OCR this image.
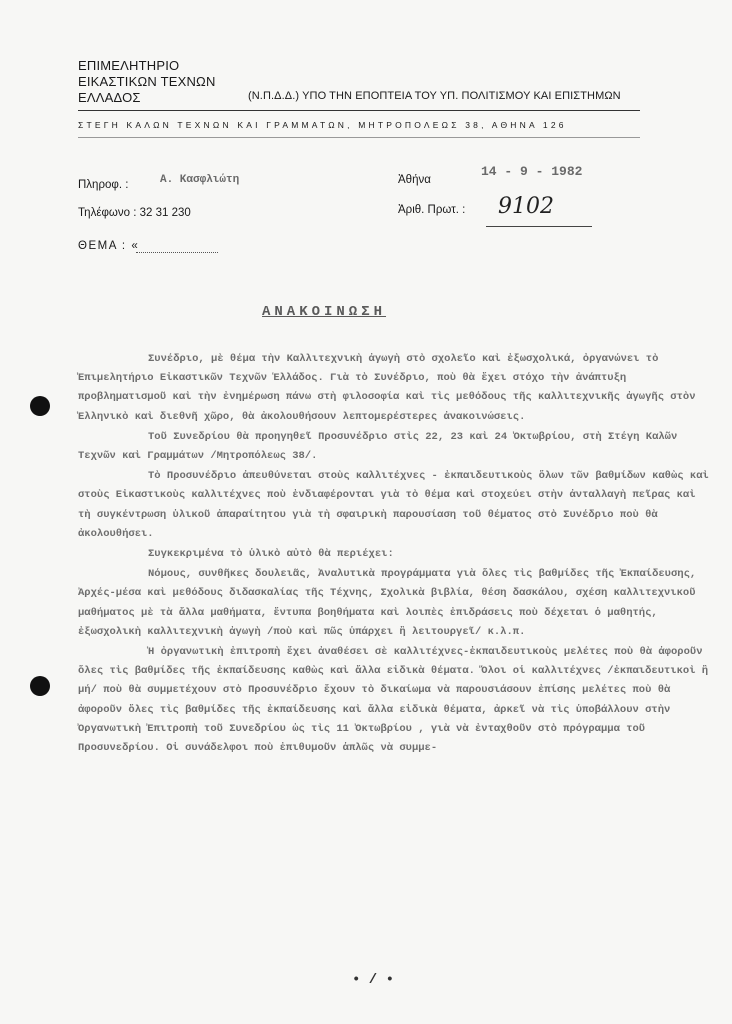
ΕΠΙΜΕΛΗΤΗΡΙΟ
ΕΙΚΑΣΤΙΚΩΝ ΤΕΧΝΩΝ
ΕΛΛΑΔΟΣ	(Ν.Π.Δ.Δ.) ΥΠΟ ΤΗΝ ΕΠΟΠΤΕΙΑ ΤΟΥ ΥΠ. ΠΟΛΙΤΙΣΜΟΥ ΚΑΙ ΕΠΙΣΤΗΜΩΝ
ΣΤΕΓΗ ΚΑΛΩΝ ΤΕΧΝΩΝ ΚΑΙ ΓΡΑΜΜΑΤΩΝ, ΜΗΤΡΟΠΟΛΕΩΣ 38, ΑΘΗΝΑ 126
Πληροφ. :	Α. Κασφλιώτη
Τηλέφωνο : 32 31 230
ΘΕΜΑ : «
Ἀθήνα
14 - 9 - 1982
Ἀριθ. Πρωτ. : 9102
ΑΝΑΚΟΙΝΩΣΗ

Συνέδριο, μὲ θέμα τὴν Καλλιτεχνικὴ ἀγωγὴ στὸ σχολεῖο καὶ ἐξωσχολικά, ὀργανώνει τὸ Ἐπιμελητήριο Εἰκαστικῶν Τεχνῶν Ἑλλάδος. Γιὰ τὸ Συνέδριο, ποὺ θὰ ἔχει στόχο τὴν ἀνάπτυξη προβληματισμοῦ καὶ τὴν ἐνημέρωση πάνω στὴ φιλοσοφία καὶ τὶς μεθόδους τῆς καλλιτεχνικῆς ἀγωγῆς στὸν Ἑλληνικὸ καὶ διεθνῆ χῶρο, θὰ ἀκολουθήσουν λεπτομερέστερες ἀνακοινώσεις.

Τοῦ Συνεδρίου θὰ προηγηθεῖ Προσυνέδριο στὶς 22, 23 καὶ 24 Ὀκτωβρίου, στὴ Στέγη Καλῶν Τεχνῶν καὶ Γραμμάτων /Μητροπόλεως 38/.

Τὸ Προσυνέδριο ἀπευθύνεται στοὺς καλλιτέχνες - ἐκπαιδευτικοὺς ὅλων τῶν βαθμίδων καθὼς καὶ στοὺς Εἰκαστικοὺς καλλιτέχνες ποὺ ἐνδιαφέρονται γιὰ τὸ θέμα καὶ στοχεύει στὴν ἀνταλλαγὴ πεῖρας καὶ τὴ συγκέντρωση ὑλικοῦ ἀπαραίτητου γιὰ τὴ σφαιρικὴ παρουσίαση τοῦ θέματος στὸ Συνέδριο ποὺ θὰ ἀκολουθήσει.

Συγκεκριμένα τὸ ὑλικὸ αὐτὸ θὰ περιέχει:

Νόμους, συνθῆκες δουλειᾶς, Ἀναλυτικὰ προγράμματα γιὰ ὅλες τὶς βαθμίδες τῆς Ἐκπαίδευσης, Ἀρχές-μέσα καὶ μεθόδους διδασκαλίας τῆς Τέχνης, Σχολικὰ βιβλία, θέση δασκάλου, σχέση καλλιτεχνικοῦ μαθήματος μὲ τὰ ἄλλα μαθήματα, ἔντυπα βοηθήματα καὶ λοιπὲς ἐπιδράσεις ποὺ δέχεται ὁ μαθητής, ἐξωσχολικὴ καλλιτεχνικὴ ἀγωγὴ /ποὺ καὶ πῶς ὑπάρχει ἢ λειτουργεῖ/ κ.λ.π.

Ἡ ὀργανωτικὴ ἐπιτροπὴ ἔχει ἀναθέσει σὲ καλλιτέχνες-ἐκπαιδευτικοὺς μελέτες ποὺ θὰ ἀφοροῦν ὅλες τὶς βαθμίδες τῆς ἐκπαίδευσης καθὼς καὶ ἄλλα εἰδικὰ θέματα. Ὅλοι οἱ καλλιτέχνες /ἐκπαιδευτικοὶ ἢ μή/ ποὺ θὰ συμμετέχουν στὸ Προσυνέδριο ἔχουν τὸ δικαίωμα νὰ παρουσιάσουν ἐπίσης μελέτες ποὺ θὰ ἀφοροῦν ὅλες τὶς βαθμίδες τῆς ἐκπαίδευσης καὶ ἄλλα εἰδικὰ θέματα, ἀρκεῖ νὰ τὶς ὑποβάλλουν στὴν Ὀργανωτικὴ Ἐπιτροπὴ τοῦ Συνεδρίου ὡς τὶς 11 Ὀκτωβρίου , γιὰ νὰ ἐνταχθοῦν στὸ πρόγραμμα τοῦ Προσυνεδρίου. Οἱ συνάδελφοι ποὺ ἐπιθυμοῦν ἁπλῶς νὰ συμμε-

• / •
